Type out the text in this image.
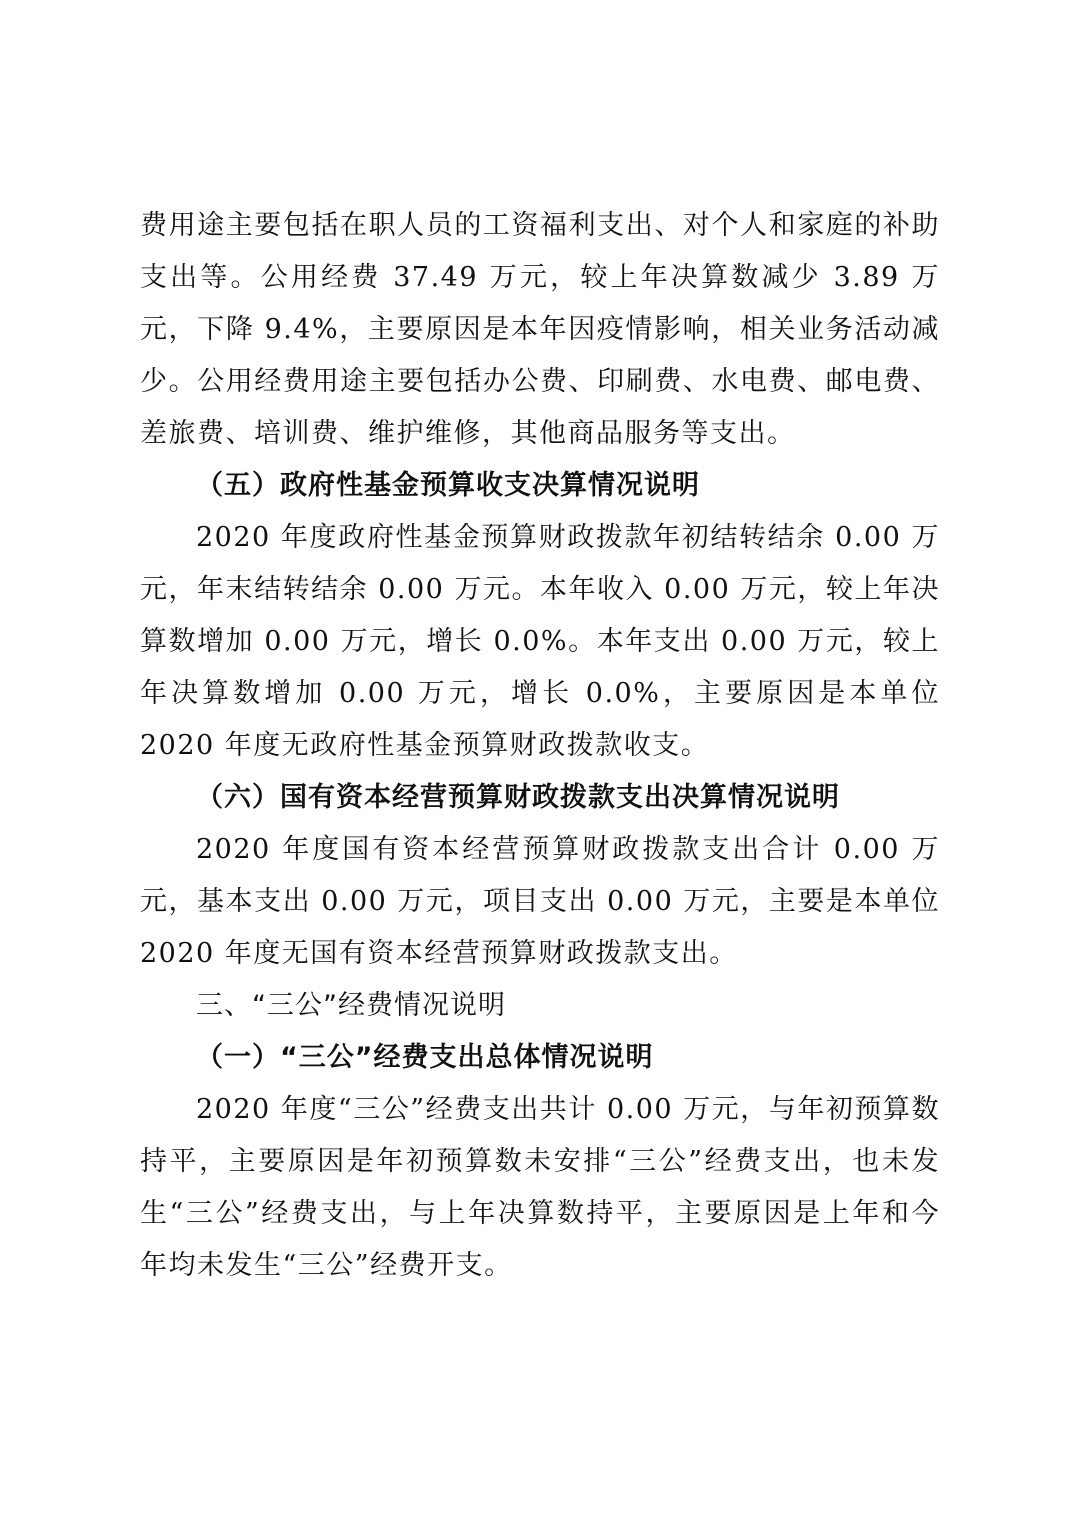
费用途主要包括在职人员的工资福利支出、对个人和家庭的补助支出等。公用经费 37.49 万元，较上年决算数减少 3.89 万元，下降 9.4%，主要原因是本年因疫情影响，相关业务活动减少。公用经费用途主要包括办公费、印刷费、水电费、邮电费、差旅费、培训费、维护维修，其他商品服务等支出。

（五）政府性基金预算收支决算情况说明

2020 年度政府性基金预算财政拨款年初结转结余 0.00 万元，年末结转结余 0.00 万元。本年收入 0.00 万元，较上年决算数增加 0.00 万元，增长 0.0%。本年支出 0.00 万元，较上年决算数增加 0.00 万元，增长 0.0%，主要原因是本单位 2020 年度无政府性基金预算财政拨款收支。

（六）国有资本经营预算财政拨款支出决算情况说明

2020 年度国有资本经营预算财政拨款支出合计 0.00 万元，基本支出 0.00 万元，项目支出 0.00 万元，主要是本单位 2020 年度无国有资本经营预算财政拨款支出。

三、“三公”经费情况说明

（一）“三公”经费支出总体情况说明

2020 年度“三公”经费支出共计 0.00 万元，与年初预算数持平，主要原因是年初预算数未安排“三公”经费支出，也未发生“三公”经费支出，与上年决算数持平，主要原因是上年和今年均未发生“三公”经费开支。
